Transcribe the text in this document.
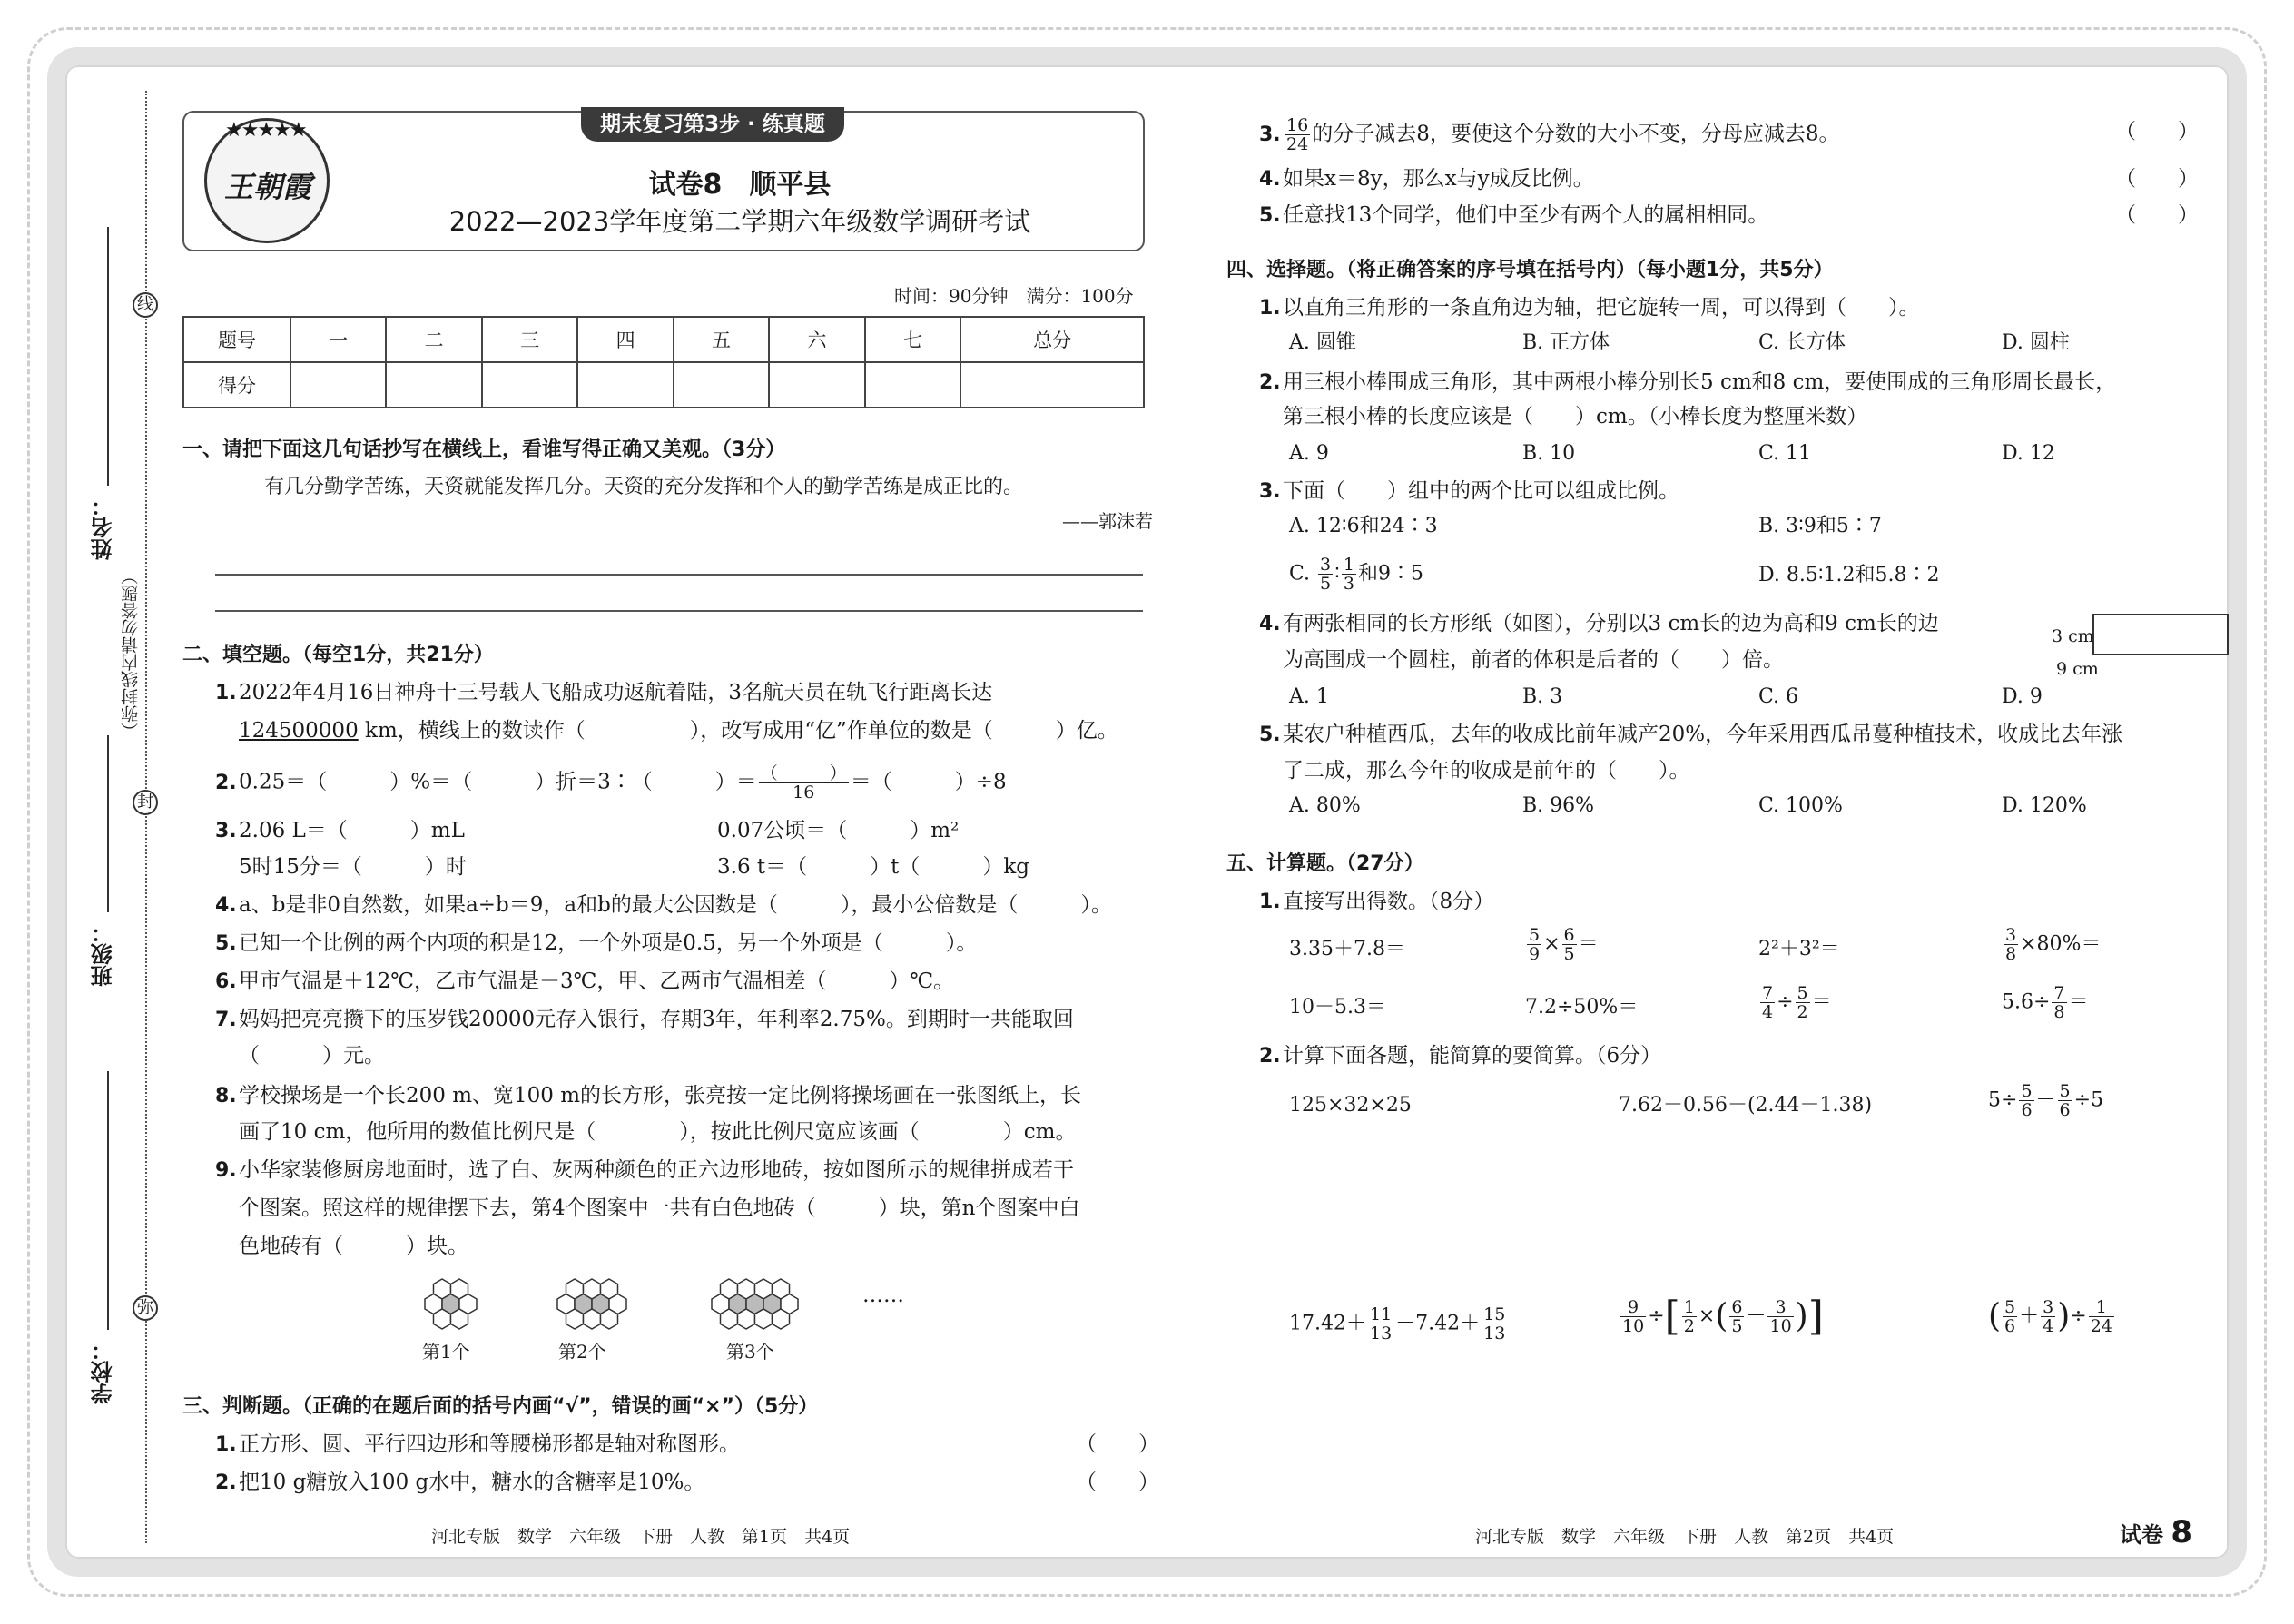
线
封
弥
姓名：
班级：
学校：
（弥封线内请勿答题）
★★★★★
王朝霞
期末复习第3步 · 练真题
试卷8　顺平县
2022—2023学年度第二学期六年级数学调研考试
时间：90分钟　满分：100分
题号	一	二	三	四	五	六	七	总分
得分								
一、请把下面这几句话抄写在横线上，看谁写得正确又美观。（3分）
有几分勤学苦练，天资就能发挥几分。天资的充分发挥和个人的勤学苦练是成正比的。
——郭沫若
二、填空题。（每空1分，共21分）
1. 2022年4月16日神舟十三号载人飞船成功返航着陆，3名航天员在轨飞行距离长达
124500000 km，横线上的数读作（　　　　　），改写成用“亿”作单位的数是（　　　）亿。
2. 0.25＝（　　　）%＝（　　　）折＝3∶（　　　）＝ $\frac{( )}{16}$ ＝（　　　）÷8
3. 2.06 L＝（　　　）mL	0.07公顷＝（　　　）m²
5时15分＝（　　　）时	3.6 t＝（　　　）t（　　　）kg
4. a、b是非0自然数，如果a÷b＝9，a和b的最大公因数是（　　　），最小公倍数是（　　　）。
5. 已知一个比例的两个内项的积是12，一个外项是0.5，另一个外项是（　　　）。
6. 甲市气温是＋12℃，乙市气温是－3℃，甲、乙两市气温相差（　　　）℃。
7. 妈妈把亮亮攒下的压岁钱20000元存入银行，存期3年，年利率2.75%。到期时一共能取回
（　　　）元。
8. 学校操场是一个长200 m、宽100 m的长方形，张亮按一定比例将操场画在一张图纸上，长
画了10 cm，他所用的数值比例尺是（　　　　），按此比例尺宽应该画（　　　　）cm。
9. 小华家装修厨房地面时，选了白、灰两种颜色的正六边形地砖，按如图所示的规律拼成若干
个图案。照这样的规律摆下去，第4个图案中一共有白色地砖（　　　）块，第n个图案中白
色地砖有（　　　）块。
……
第1个	第2个	第3个
三、判断题。（正确的在题后面的括号内画“√”，错误的画“×”）（5分）
1. 正方形、圆、平行四边形和等腰梯形都是轴对称图形。	（　　）
2. 把10 g糖放入100 g水中，糖水的含糖率是10%。	（　　）
河北专版　数学　六年级　下册　人教　第1页　共4页
3. $\frac{16}{24}$ 的分子减去8，要使这个分数的大小不变，分母应减去8。	（　　）
4. 如果x＝8y，那么x与y成反比例。	（　　）
5. 任意找13个同学，他们中至少有两个人的属相相同。	（　　）
四、选择题。（将正确答案的序号填在括号内）（每小题1分，共5分）
1. 以直角三角形的一条直角边为轴，把它旋转一周，可以得到（　　）。
A. 圆锥	B. 正方体	C. 长方体	D. 圆柱
2. 用三根小棒围成三角形，其中两根小棒分别长5 cm和8 cm，要使围成的三角形周长最长，
第三根小棒的长度应该是（　　）cm。（小棒长度为整厘米数）
A. 9	B. 10	C. 11	D. 12
3. 下面（　　）组中的两个比可以组成比例。
A. 12∶6和24∶3	B. 3∶9和5∶7
C. $\frac{3}{5}$ ∶ $\frac{1}{3}$ 和9∶5	D. 8.5∶1.2和5.8∶2
4. 有两张相同的长方形纸（如图），分别以3 cm长的边为高和9 cm长的边
为高围成一个圆柱，前者的体积是后者的（　　）倍。
3 cm
9 cm
A. 1	B. 3	C. 6	D. 9
5. 某农户种植西瓜，去年的收成比前年减产20%，今年采用西瓜吊蔓种植技术，收成比去年涨
了二成，那么今年的收成是前年的（　　）。
A. 80%	B. 96%	C. 100%	D. 120%
五、计算题。（27分）
1. 直接写出得数。（8分）
3.35＋7.8＝	$\frac{5}{9} \times \frac{6}{5}$ ＝	2²＋3²＝	$\frac{3}{8} \times 80\%=$
10－5.3＝	7.2÷50%＝	$\frac{7}{4} \div \frac{5}{2}$ ＝	$5.6\div \frac{7}{8}$ ＝
2. 计算下面各题，能简算的要简算。（6分）
125×32×25	7.62－0.56－(2.44－1.38)	$5\div \frac{5}{6} - \frac{5}{6} \div 5$
$17.42+ \frac{11}{13} -7.42+ \frac{15}{13}$	$\frac{9}{10}$ ÷[ $\frac{1}{2}$ ×( $\frac{6}{5} - \frac{3}{10}$ )]	( $\frac{5}{6} + \frac{3}{4}$ )÷ $\frac{1}{24}$
河北专版　数学　六年级　下册　人教　第2页　共4页	试卷 8
